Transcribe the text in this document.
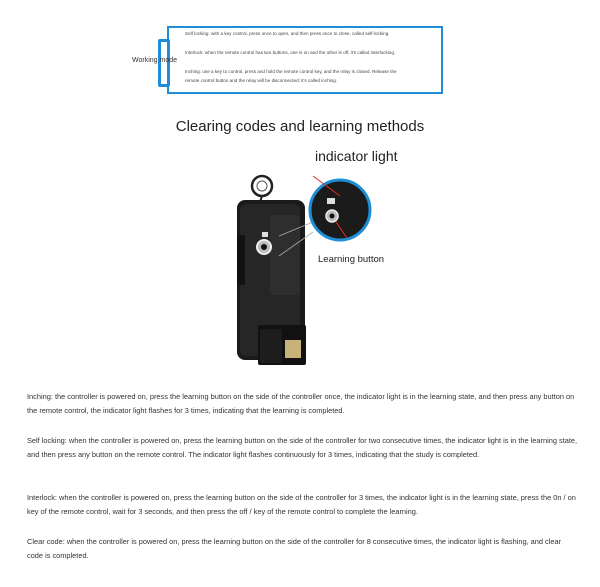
Working mode
Self locking: with a key control, press once to open, and then press once to close, called self-locking.
Interlock: when the remote control has two buttons, one is on and the other is off, it's called interlocking.
Inching: use a key to control, press and hold the remote control key, and the relay is closed. Release the
remote control button and the relay will be disconnected; it's called inching.
Clearing codes and learning methods
indicator light
Learning button
Inching: the controller is powered on, press the learning button on the side of the controller once, the indicator light is in the learning state, and then press any button on the remote control, the indicator light flashes for 3 times, indicating that the learning is completed.
Self locking: when the controller is powered on, press the learning button on the side of the controller for two consecutive times, the indicator light is in the learning state, and then press any button on the remote control. The indicator light flashes continuously for 3 times, indicating that the study is completed.
Interlock: when the controller is powered on, press the learning button on the side of the controller for 3 times, the indicator light is in the learning state, press the 0n / on key of the remote control, wait for 3 seconds, and then press the off / key of the remote control to complete the learning.
Clear code: when the controller is powered on, press the learning button on the side of the controller for 8 consecutive times, the indicator light is flashing, and clear code is completed.
